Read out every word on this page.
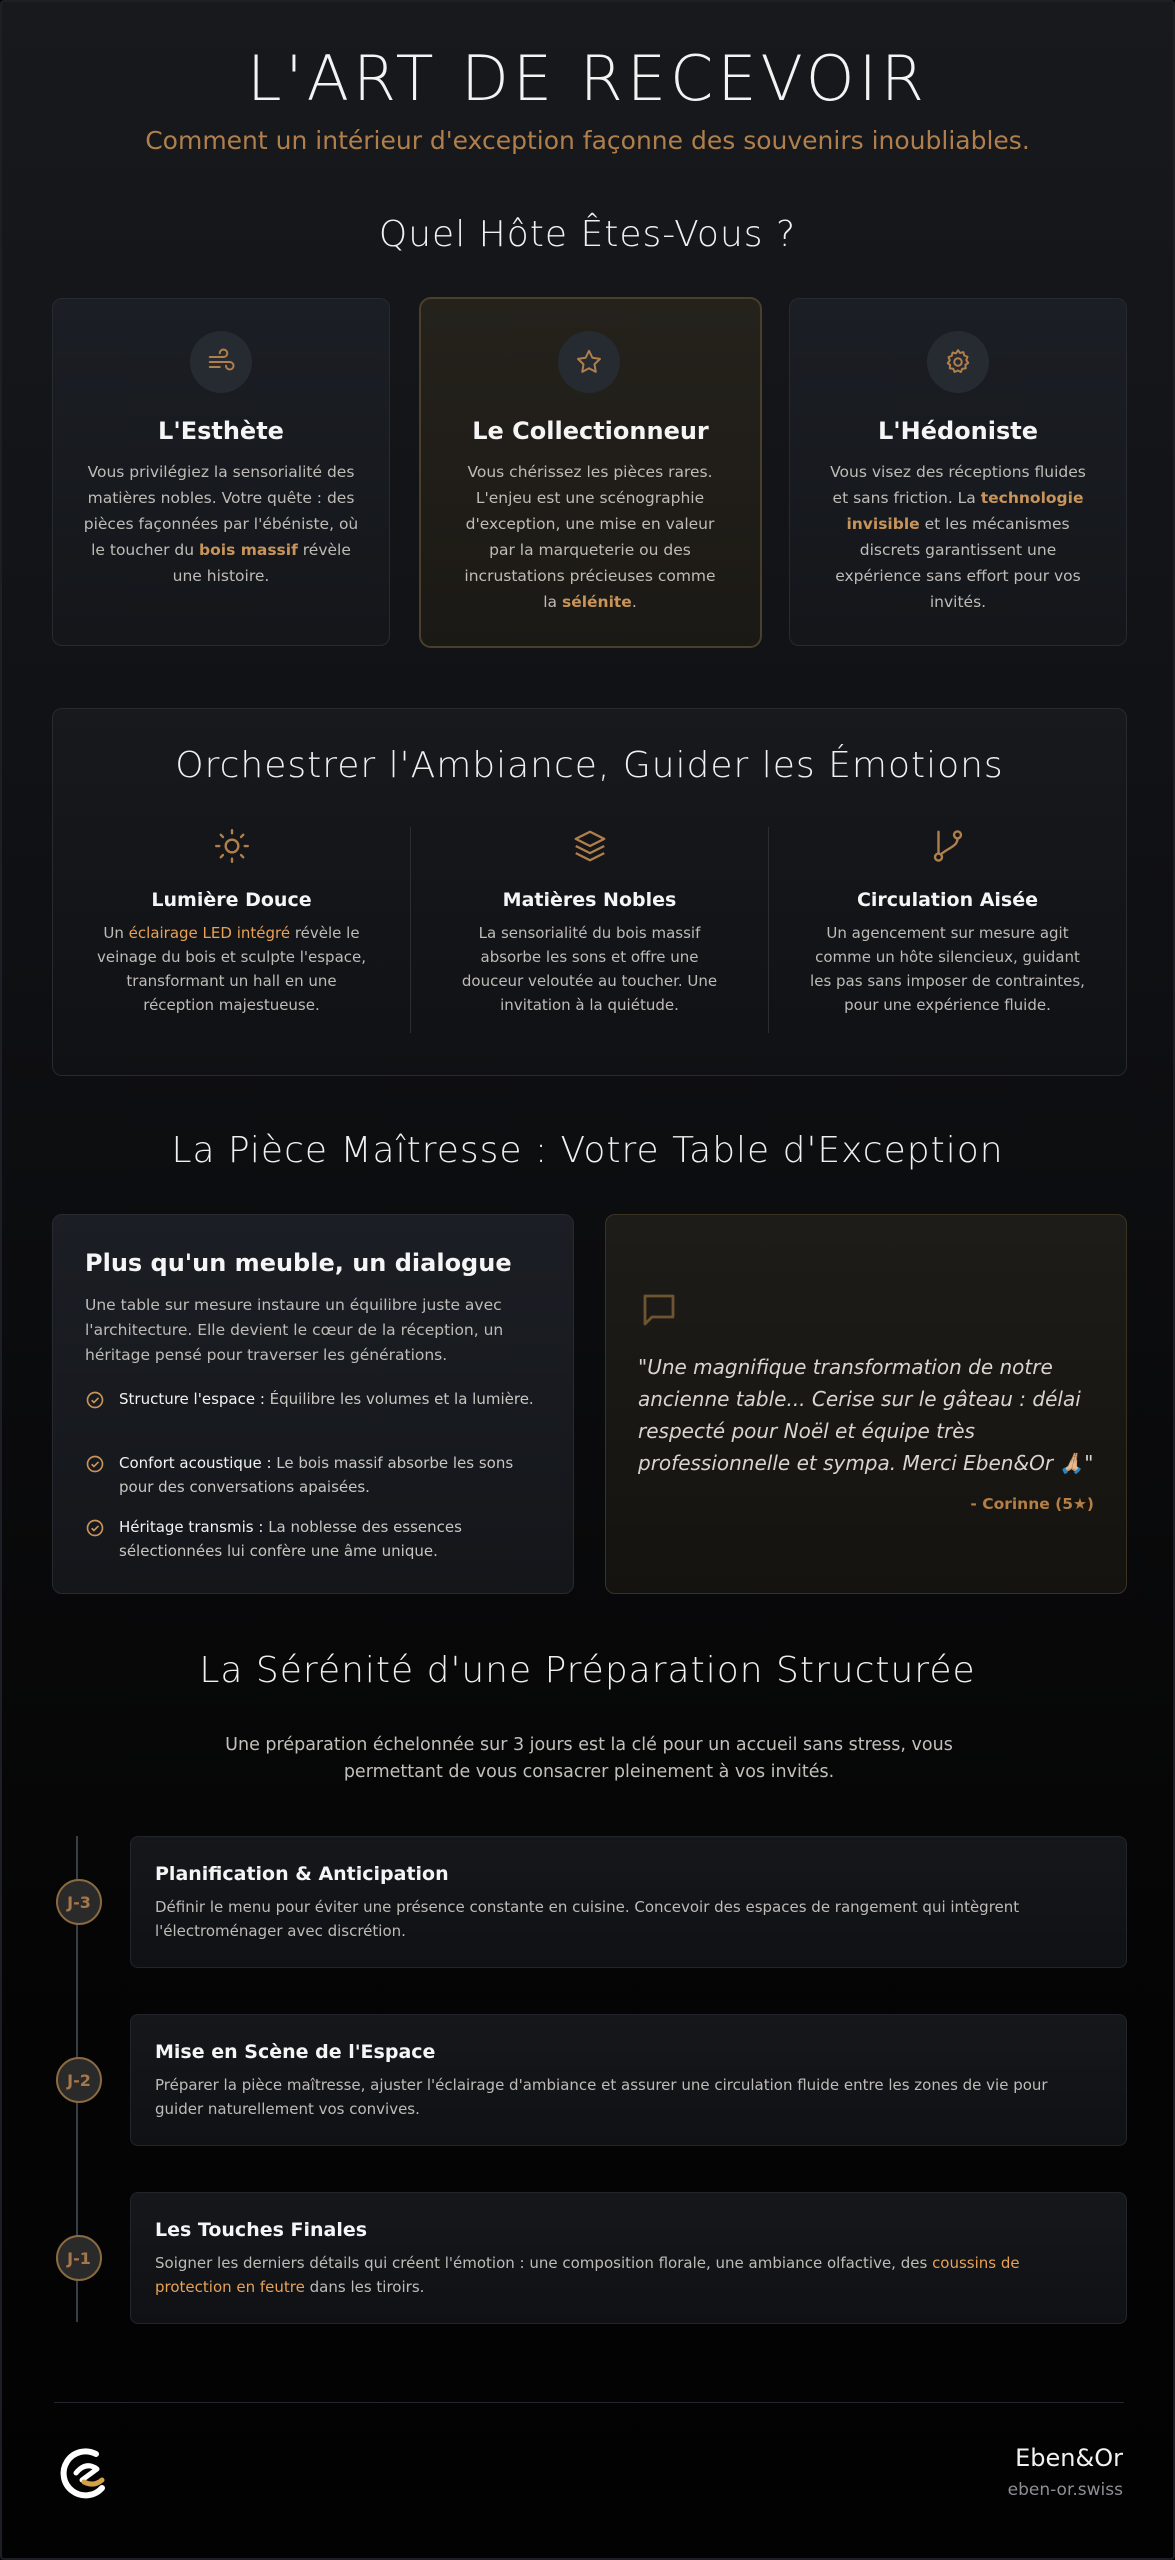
L'ART DE RECEVOIR
Comment un intérieur d'exception façonne des souvenirs inoubliables.
Quel Hôte Êtes-Vous ?
L'Esthète
Vous privilégiez la sensorialité des matières nobles. Votre quête : des pièces façonnées par l'ébéniste, où le toucher du bois massif révèle une histoire.
Le Collectionneur
Vous chérissez les pièces rares. L'enjeu est une scénographie d'exception, une mise en valeur par la marqueterie ou des incrustations précieuses comme la sélénite.
L'Hédoniste
Vous visez des réceptions fluides et sans friction. La technologie invisible et les mécanismes discrets garantissent une expérience sans effort pour vos invités.
Orchestrer l'Ambiance, Guider les Émotions
Lumière Douce
Un éclairage LED intégré révèle le veinage du bois et sculpte l'espace, transformant un hall en une réception majestueuse.
Matières Nobles
La sensorialité du bois massif absorbe les sons et offre une douceur veloutée au toucher. Une invitation à la quiétude.
Circulation Aisée
Un agencement sur mesure agit comme un hôte silencieux, guidant les pas sans imposer de contraintes, pour une expérience fluide.
La Pièce Maîtresse : Votre Table d'Exception
Plus qu'un meuble, un dialogue
Une table sur mesure instaure un équilibre juste avec l'architecture. Elle devient le cœur de la réception, un héritage pensé pour traverser les générations.
Structure l'espace : Équilibre les volumes et la lumière.
Confort acoustique : Le bois massif absorbe les sons pour des conversations apaisées.
Héritage transmis : La noblesse des essences sélectionnées lui confère une âme unique.
"Une magnifique transformation de notre ancienne table... Cerise sur le gâteau : délai respecté pour Noël et équipe très professionnelle et sympa. Merci Eben&Or 🙏🏼"
- Corinne (5★)
La Sérénité d'une Préparation Structurée
Une préparation échelonnée sur 3 jours est la clé pour un accueil sans stress, vous permettant de vous consacrer pleinement à vos invités.
J-3
Planification & Anticipation
Définir le menu pour éviter une présence constante en cuisine. Concevoir des espaces de rangement qui intègrent l'électroménager avec discrétion.
J-2
Mise en Scène de l'Espace
Préparer la pièce maîtresse, ajuster l'éclairage d'ambiance et assurer une circulation fluide entre les zones de vie pour guider naturellement vos convives.
J-1
Les Touches Finales
Soigner les derniers détails qui créent l'émotion : une composition florale, une ambiance olfactive, des coussins de protection en feutre dans les tiroirs.
Eben&Or
eben-or.swiss
